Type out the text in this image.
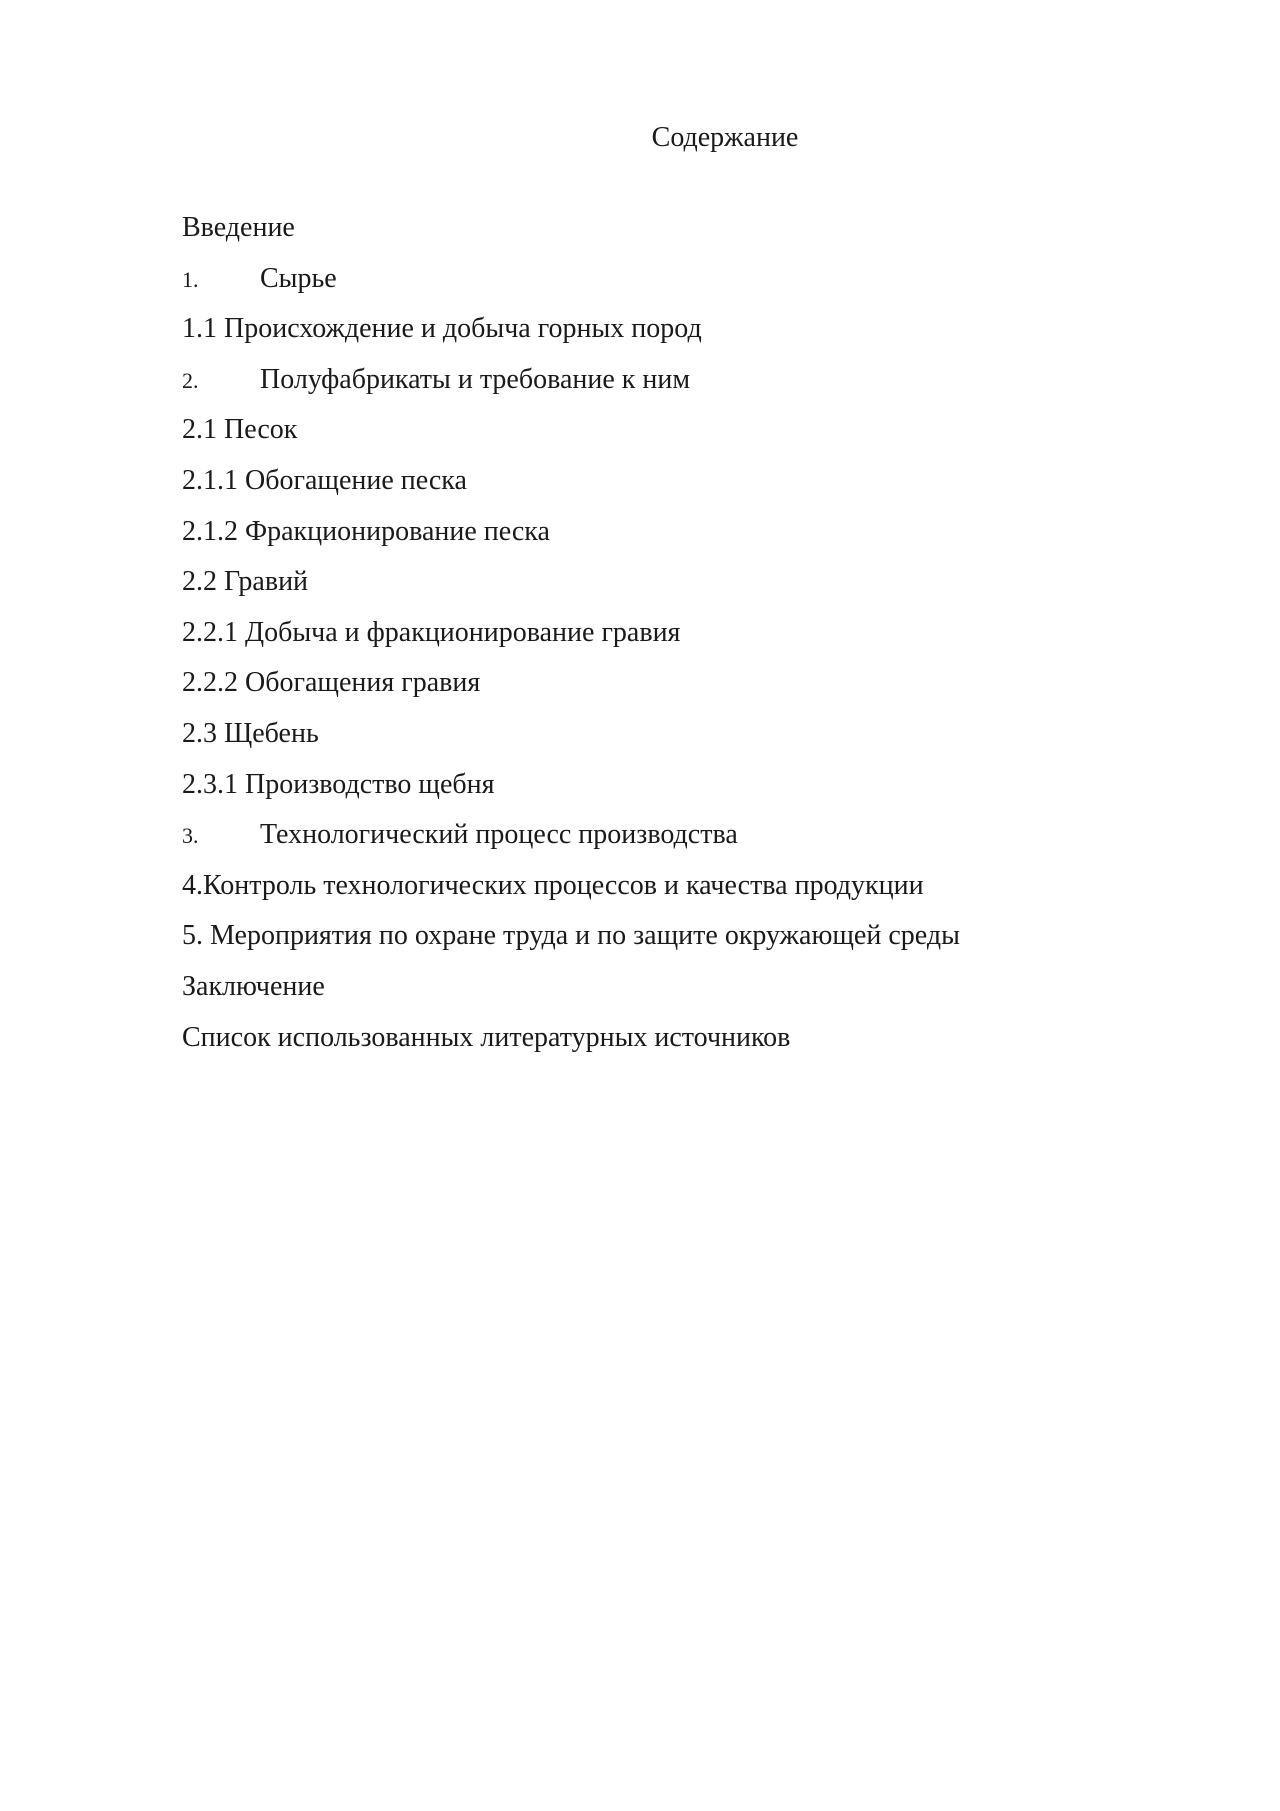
Содержание
Введение
1. Сырье
1.1 Происхождение и добыча горных пород
2. Полуфабрикаты и требование к ним
2.1 Песок
2.1.1 Обогащение песка
2.1.2 Фракционирование песка
2.2 Гравий
2.2.1 Добыча и фракционирование гравия
2.2.2 Обогащения гравия
2.3 Щебень
2.3.1 Производство щебня
3. Технологический процесс производства
4.Контроль технологических процессов и качества продукции
5. Мероприятия по охране труда и по защите окружающей среды
Заключение
Список использованных литературных источников
